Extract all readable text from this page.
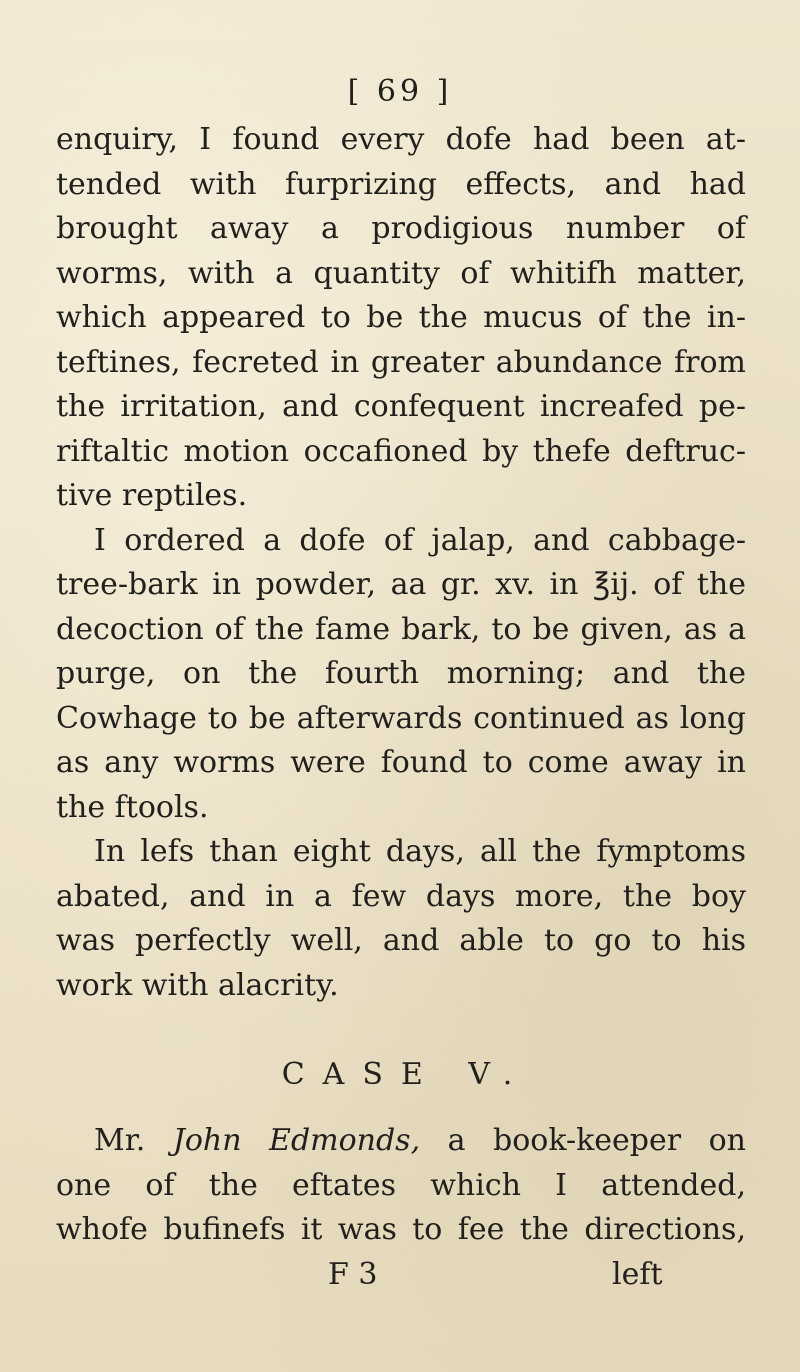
[ 69 ]
enquiry, I found every dofe had been at-
tended with furprizing effects, and had
brought away a prodigious number of
worms, with a quantity of whitifh matter,
which appeared to be the mucus of the in-
teftines, fecreted in greater abundance from
the irritation, and confequent increafed pe-
riftaltic motion occafioned by thefe deftruc-
tive reptiles.
I ordered a dofe of jalap, and cabbage-
tree-bark in powder, aa gr. xv. in ℥ij. of the
decoction of the fame bark, to be given, as a
purge, on the fourth morning; and the
Cowhage to be afterwards continued as long
as any worms were found to come away in
the ftools.
In lefs than eight days, all the fymptoms
abated, and in a few days more, the boy
was perfectly well, and able to go to his
work with alacrity.
CASE V.
Mr. John Edmonds, a book-keeper on
one of the eftates which I attended,
whofe bufinefs it was to fee the directions,
F 3	left
